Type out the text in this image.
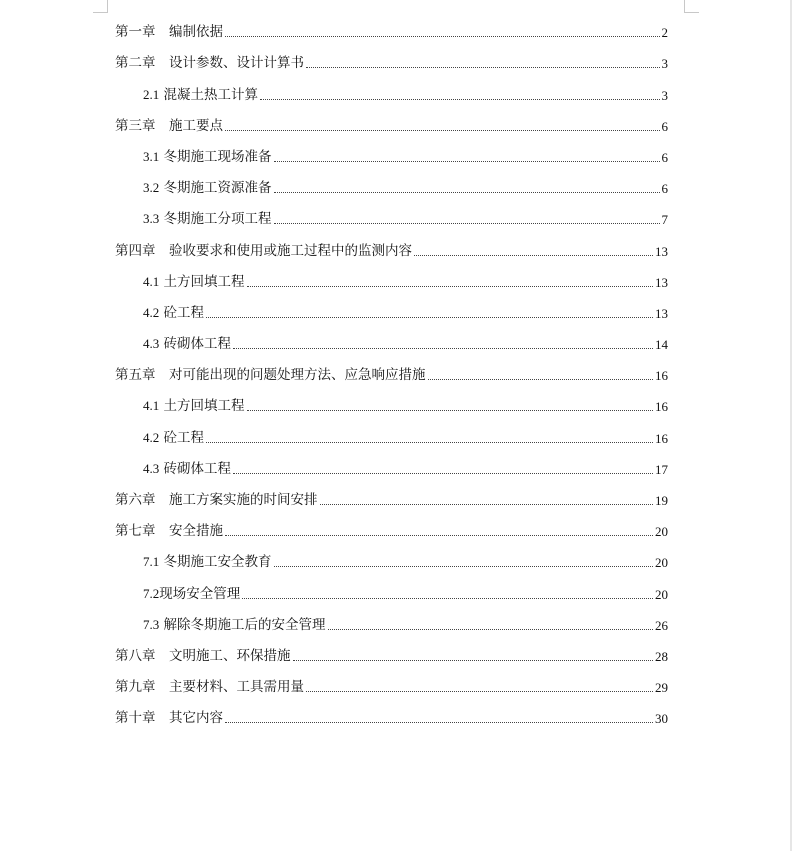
第一章　 编制依据	2
第二章　 设计参数、设计计算书	3
2.1 混凝土热工计算	3
第三章　 施工要点	6
3.1 冬期施工现场准备	6
3.2 冬期施工资源准备	6
3.3 冬期施工分项工程	7
第四章　 验收要求和使用或施工过程中的监测内容	13
4.1 土方回填工程	13
4.2 砼工程	13
4.3 砖砌体工程	14
第五章　 对可能出现的问题处理方法、应急响应措施	16
4.1 土方回填工程	16
4.2 砼工程	16
4.3 砖砌体工程	17
第六章　 施工方案实施的时间安排	19
第七章　 安全措施	20
7.1 冬期施工安全教育	20
7.2现场安全管理	20
7.3 解除冬期施工后的安全管理	26
第八章　 文明施工、环保措施	28
第九章　 主要材料、工具需用量	29
第十章　 其它内容	30
